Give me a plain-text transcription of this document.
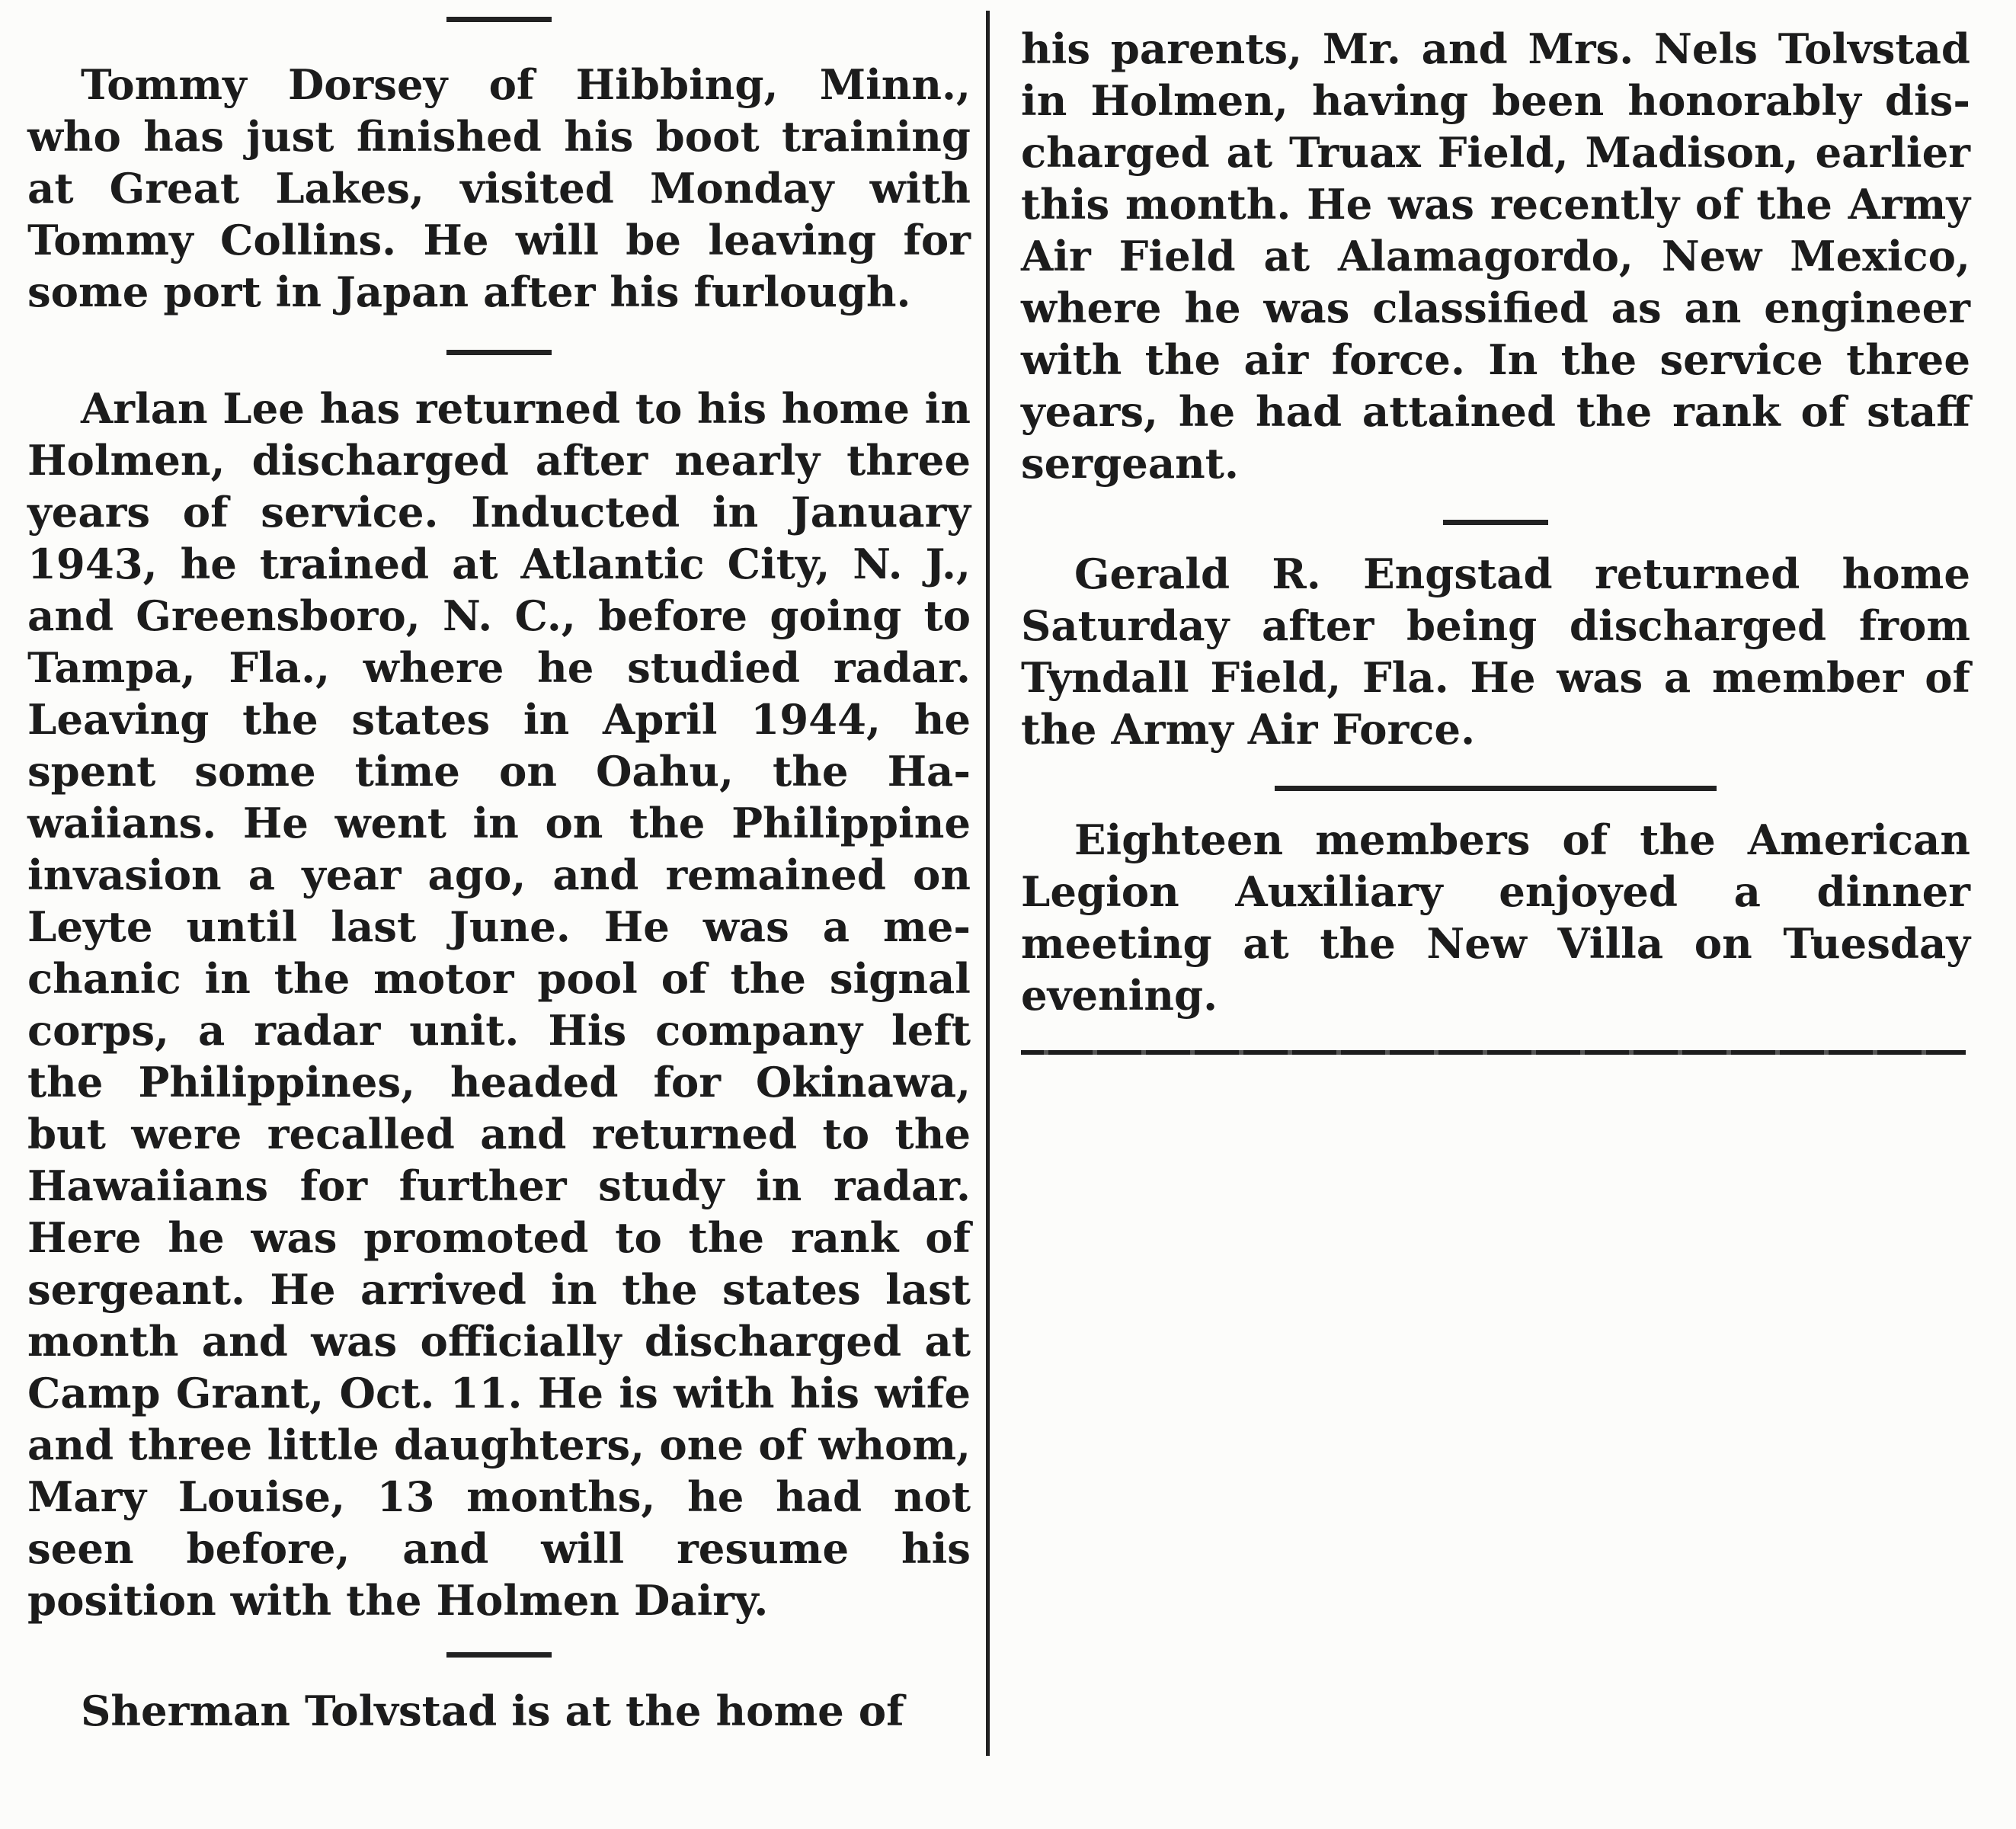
Tommy Dorsey of Hibbing, Minn., who has just finished his boot training at Great Lakes, visited Monday with Tommy Collins. He will be leaving for some port in Japan after his furlough.

Arlan Lee has returned to his home in Holmen, discharged after nearly three years of service. Inducted in January 1943, he trained at Atlantic City, N. J., and Greensboro, N. C., before going to Tampa, Fla., where he studied radar. Leaving the states in April 1944, he spent some time on Oahu, the Hawaiians. He went in on the Philippine invasion a year ago, and remained on Leyte until last June. He was a mechanic in the motor pool of the signal corps, a radar unit. His company left the Philippines, headed for Okinawa, but were recalled and returned to the Hawaiians for further study in radar. Here he was promoted to the rank of sergeant. He arrived in the states last month and was officially discharged at Camp Grant, Oct. 11. He is with his wife and three little daughters, one of whom, Mary Louise, 13 months, he had not seen before, and will resume his position with the Holmen Dairy.

Sherman Tolvstad is at the home of

his parents, Mr. and Mrs. Nels Tolvstad in Holmen, having been honorably discharged at Truax Field, Madison, earlier this month. He was recently of the Army Air Field at Alamagordo, New Mexico, where he was classified as an engineer with the air force. In the service three years, he had attained the rank of staff sergeant.

Gerald R. Engstad returned home Saturday after being discharged from Tyndall Field, Fla. He was a member of the Army Air Force.

Eighteen members of the American Legion Auxiliary enjoyed a dinner meeting at the New Villa on Tuesday evening.
